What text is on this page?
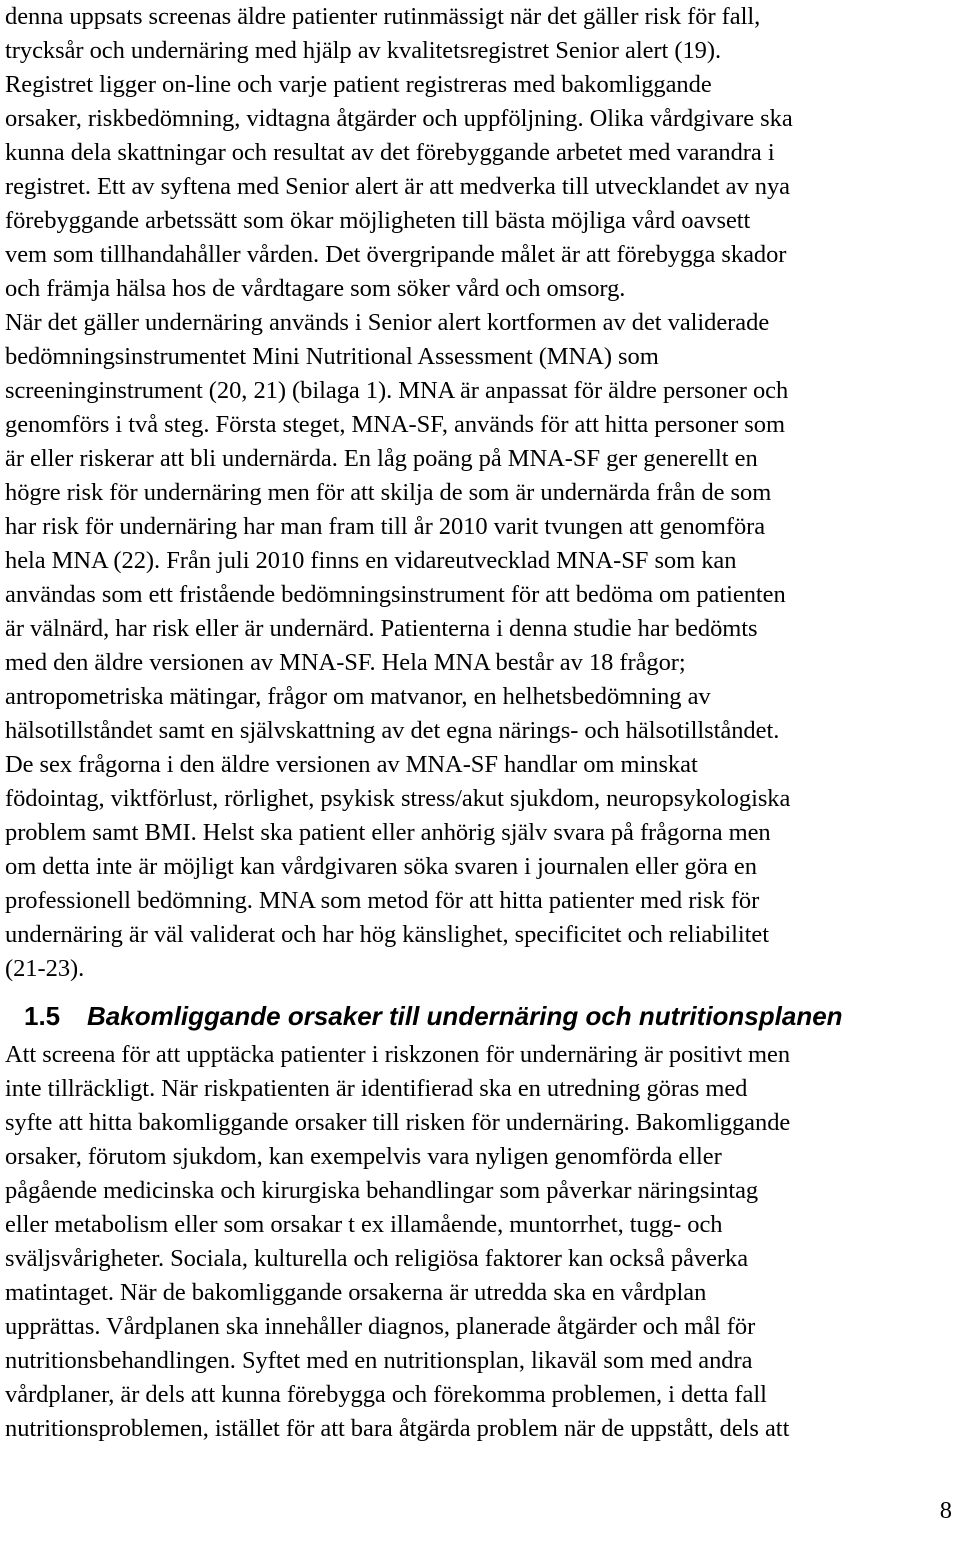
denna uppsats screenas äldre patienter rutinmässigt när det gäller risk för fall,
trycksår och undernäring med hjälp av kvalitetsregistret Senior alert (19).
Registret ligger on-line och varje patient registreras med bakomliggande
orsaker, riskbedömning, vidtagna åtgärder och uppföljning. Olika vårdgivare ska
kunna dela skattningar och resultat av det förebyggande arbetet med varandra i
registret. Ett av syftena med Senior alert är att medverka till utvecklandet av nya
förebyggande arbetssätt som ökar möjligheten till bästa möjliga vård oavsett
vem som tillhandahåller vården. Det övergripande målet är att förebygga skador
och främja hälsa hos de vårdtagare som söker vård och omsorg.
När det gäller undernäring används i Senior alert kortformen av det validerade
bedömningsinstrumentet Mini Nutritional Assessment (MNA) som
screeninginstrument (20, 21) (bilaga 1). MNA är anpassat för äldre personer och
genomförs i två steg. Första steget, MNA-SF, används för att hitta personer som
är eller riskerar att bli undernärda. En låg poäng på MNA-SF ger generellt en
högre risk för undernäring men för att skilja de som är undernärda från de som
har risk för undernäring har man fram till år 2010 varit tvungen att genomföra
hela MNA (22). Från juli 2010 finns en vidareutvecklad MNA-SF som kan
användas som ett fristående bedömningsinstrument för att bedöma om patienten
är välnärd, har risk eller är undernärd. Patienterna i denna studie har bedömts
med den äldre versionen av MNA-SF. Hela MNA består av 18 frågor;
antropometriska mätingar, frågor om matvanor, en helhetsbedömning av
hälsotillståndet samt en självskattning av det egna närings- och hälsotillståndet.
De sex frågorna i den äldre versionen av MNA-SF handlar om minskat
födointag, viktförlust, rörlighet, psykisk stress/akut sjukdom, neuropsykologiska
problem samt BMI. Helst ska patient eller anhörig själv svara på frågorna men
om detta inte är möjligt kan vårdgivaren söka svaren i journalen eller göra en
professionell bedömning. MNA som metod för att hitta patienter med risk för
undernäring är väl validerat och har hög känslighet, specificitet och reliabilitet
(21-23).
1.5 Bakomliggande orsaker till undernäring och nutritionsplanen
Att screena för att upptäcka patienter i riskzonen för undernäring är positivt men
inte tillräckligt. När riskpatienten är identifierad ska en utredning göras med
syfte att hitta bakomliggande orsaker till risken för undernäring. Bakomliggande
orsaker, förutom sjukdom, kan exempelvis vara nyligen genomförda eller
pågående medicinska och kirurgiska behandlingar som påverkar näringsintag
eller metabolism eller som orsakar t ex illamående, muntorrhet, tugg- och
sväljsvårigheter. Sociala, kulturella och religiösa faktorer kan också påverka
matintaget. När de bakomliggande orsakerna är utredda ska en vårdplan
upprättas. Vårdplanen ska innehåller diagnos, planerade åtgärder och mål för
nutritionsbehandlingen. Syftet med en nutritionsplan, likaväl som med andra
vårdplaner, är dels att kunna förebygga och förekomma problemen, i detta fall
nutritionsproblemen, istället för att bara åtgärda problem när de uppstått, dels att
8
